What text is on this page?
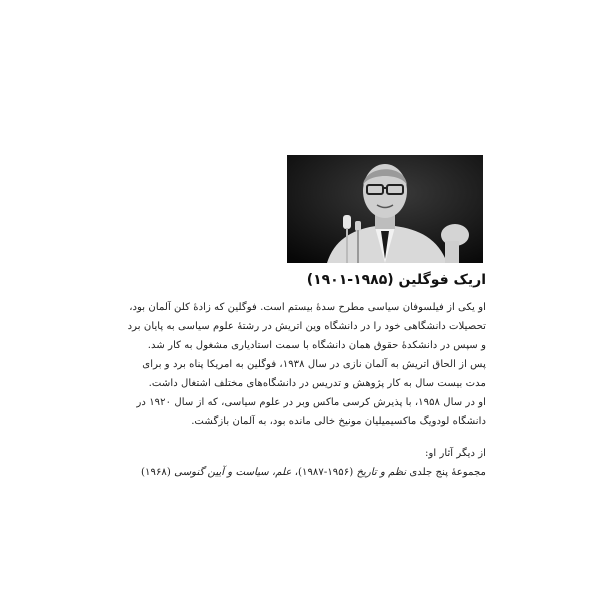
اریک فوگلین (۱۹۸۵-۱۹۰۱)

او یکی از فیلسوفان سیاسی مطرح سدهٔ بیستم است. فوگلین که زادهٔ کلن آلمان بود،
تحصیلات دانشگاهی خود را در دانشگاه وین اتریش در رشتهٔ علوم سیاسی به پایان برد
و سپس در دانشکدهٔ حقوق همان دانشگاه با سمت استادیاری مشغول به کار شد.
پس از الحاق اتریش به آلمان نازی در سال ۱۹۳۸، فوگلین به امریکا پناه برد و برای
مدت بیست سال به کار پژوهش و تدریس در دانشگاه‌های مختلف اشتغال داشت.
او در سال ۱۹۵۸، با پذیرش کرسی ماکس وبر در علوم سیاسی، که از سال ۱۹۲۰ در
دانشگاه لودویگ ماکسیمیلیان مونیخ خالی مانده بود، به آلمان بازگشت.

از دیگر آثار او:
مجموعهٔ پنج جلدی نظم و تاریخ (۱۹۵۶-۱۹۸۷)، علم، سیاست و آیین گنوسی (۱۹۶۸)
